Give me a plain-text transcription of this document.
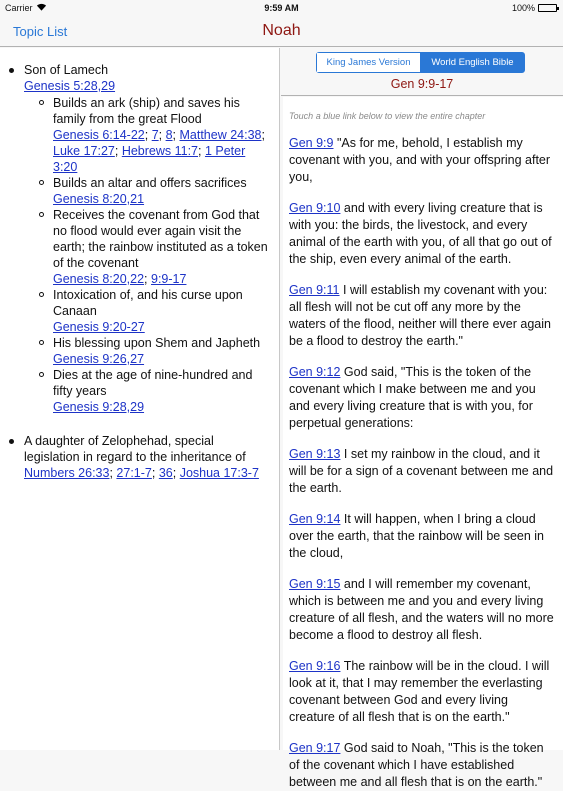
Carrier	9:59 AM	100%
Topic List	Noah
Son of Lamech
Genesis 5:28,29
Builds an ark (ship) and saves his family from the great Flood
Genesis 6:14-22; 7; 8; Matthew 24:38; Luke 17:27; Hebrews 11:7; 1 Peter 3:20
Builds an altar and offers sacrifices
Genesis 8:20,21
Receives the covenant from God that no flood would ever again visit the earth; the rainbow instituted as a token of the covenant
Genesis 8:20,22; 9:9-17
Intoxication of, and his curse upon Canaan
Genesis 9:20-27
His blessing upon Shem and Japheth
Genesis 9:26,27
Dies at the age of nine-hundred and fifty years
Genesis 9:28,29
A daughter of Zelophehad, special legislation in regard to the inheritance of Numbers 26:33; 27:1-7; 36; Joshua 17:3-7
King James Version	World English Bible
Gen 9:9-17
Touch a blue link below to view the entire chapter
Gen 9:9 "As for me, behold, I establish my covenant with you, and with your offspring after you,
Gen 9:10 and with every living creature that is with you: the birds, the livestock, and every animal of the earth with you, of all that go out of the ship, even every animal of the earth.
Gen 9:11 I will establish my covenant with you: all flesh will not be cut off any more by the waters of the flood, neither will there ever again be a flood to destroy the earth."
Gen 9:12 God said, "This is the token of the covenant which I make between me and you and every living creature that is with you, for perpetual generations:
Gen 9:13 I set my rainbow in the cloud, and it will be for a sign of a covenant between me and the earth.
Gen 9:14 It will happen, when I bring a cloud over the earth, that the rainbow will be seen in the cloud,
Gen 9:15 and I will remember my covenant, which is between me and you and every living creature of all flesh, and the waters will no more become a flood to destroy all flesh.
Gen 9:16 The rainbow will be in the cloud. I will look at it, that I may remember the everlasting covenant between God and every living creature of all flesh that is on the earth."
Gen 9:17 God said to Noah, "This is the token of the covenant which I have established between me and all flesh that is on the earth."
